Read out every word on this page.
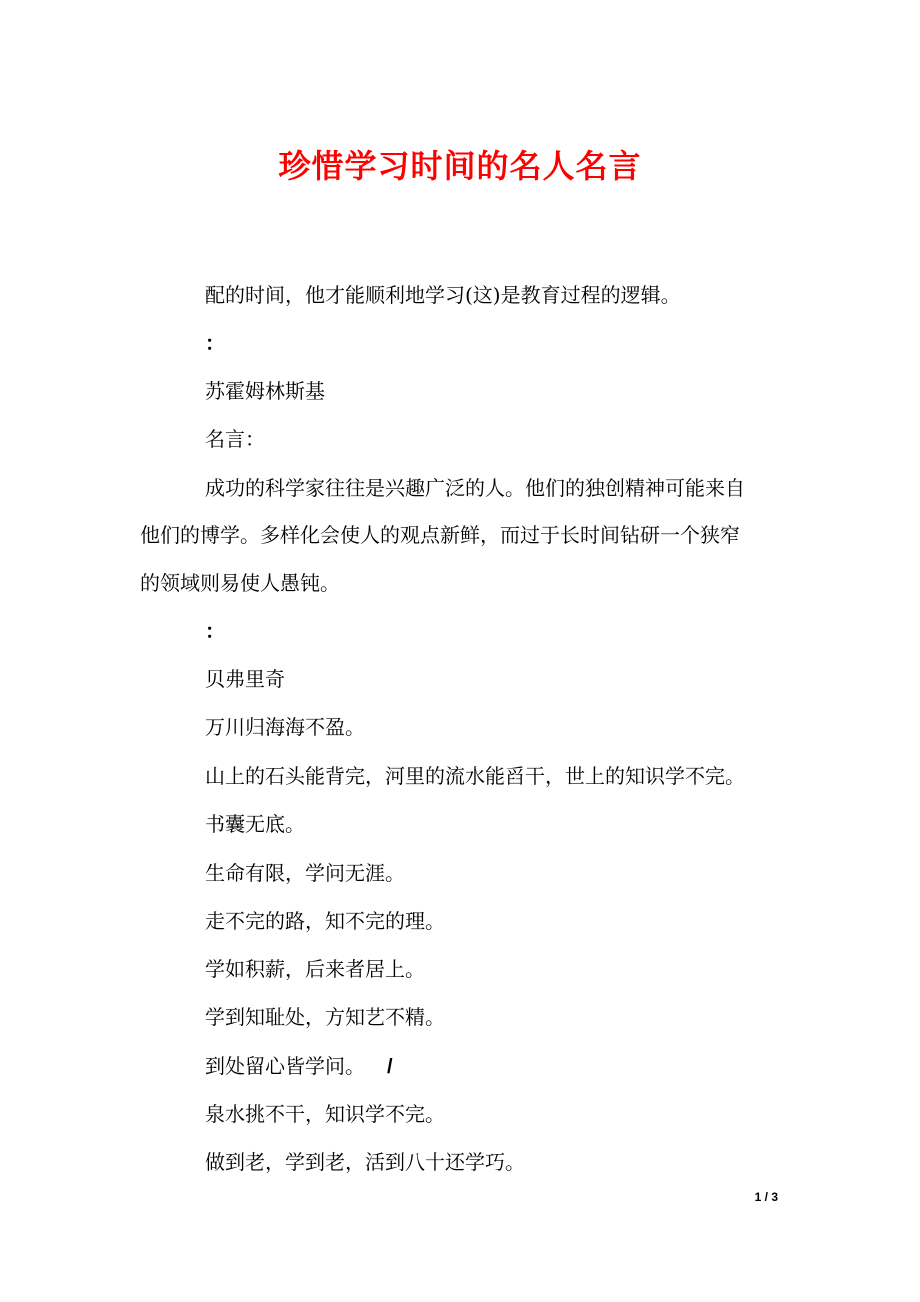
珍惜学习时间的名人名言

配的时间，他才能顺利地学习(这)是教育过程的逻辑。

：

苏霍姆林斯基

名言：

成功的科学家往往是兴趣广泛的人。他们的独创精神可能来自

他们的博学。多样化会使人的观点新鲜，而过于长时间钻研一个狭窄

的领域则易使人愚钝。

：

贝弗里奇

万川归海海不盈。

山上的石头能背完，河里的流水能舀干，世上的知识学不完。

书囊无底。

生命有限，学问无涯。

走不完的路，知不完的理。

学如积薪，后来者居上。

学到知耻处，方知艺不精。

到处留心皆学问。 /

泉水挑不干，知识学不完。

做到老，学到老，活到八十还学巧。

1 / 3
